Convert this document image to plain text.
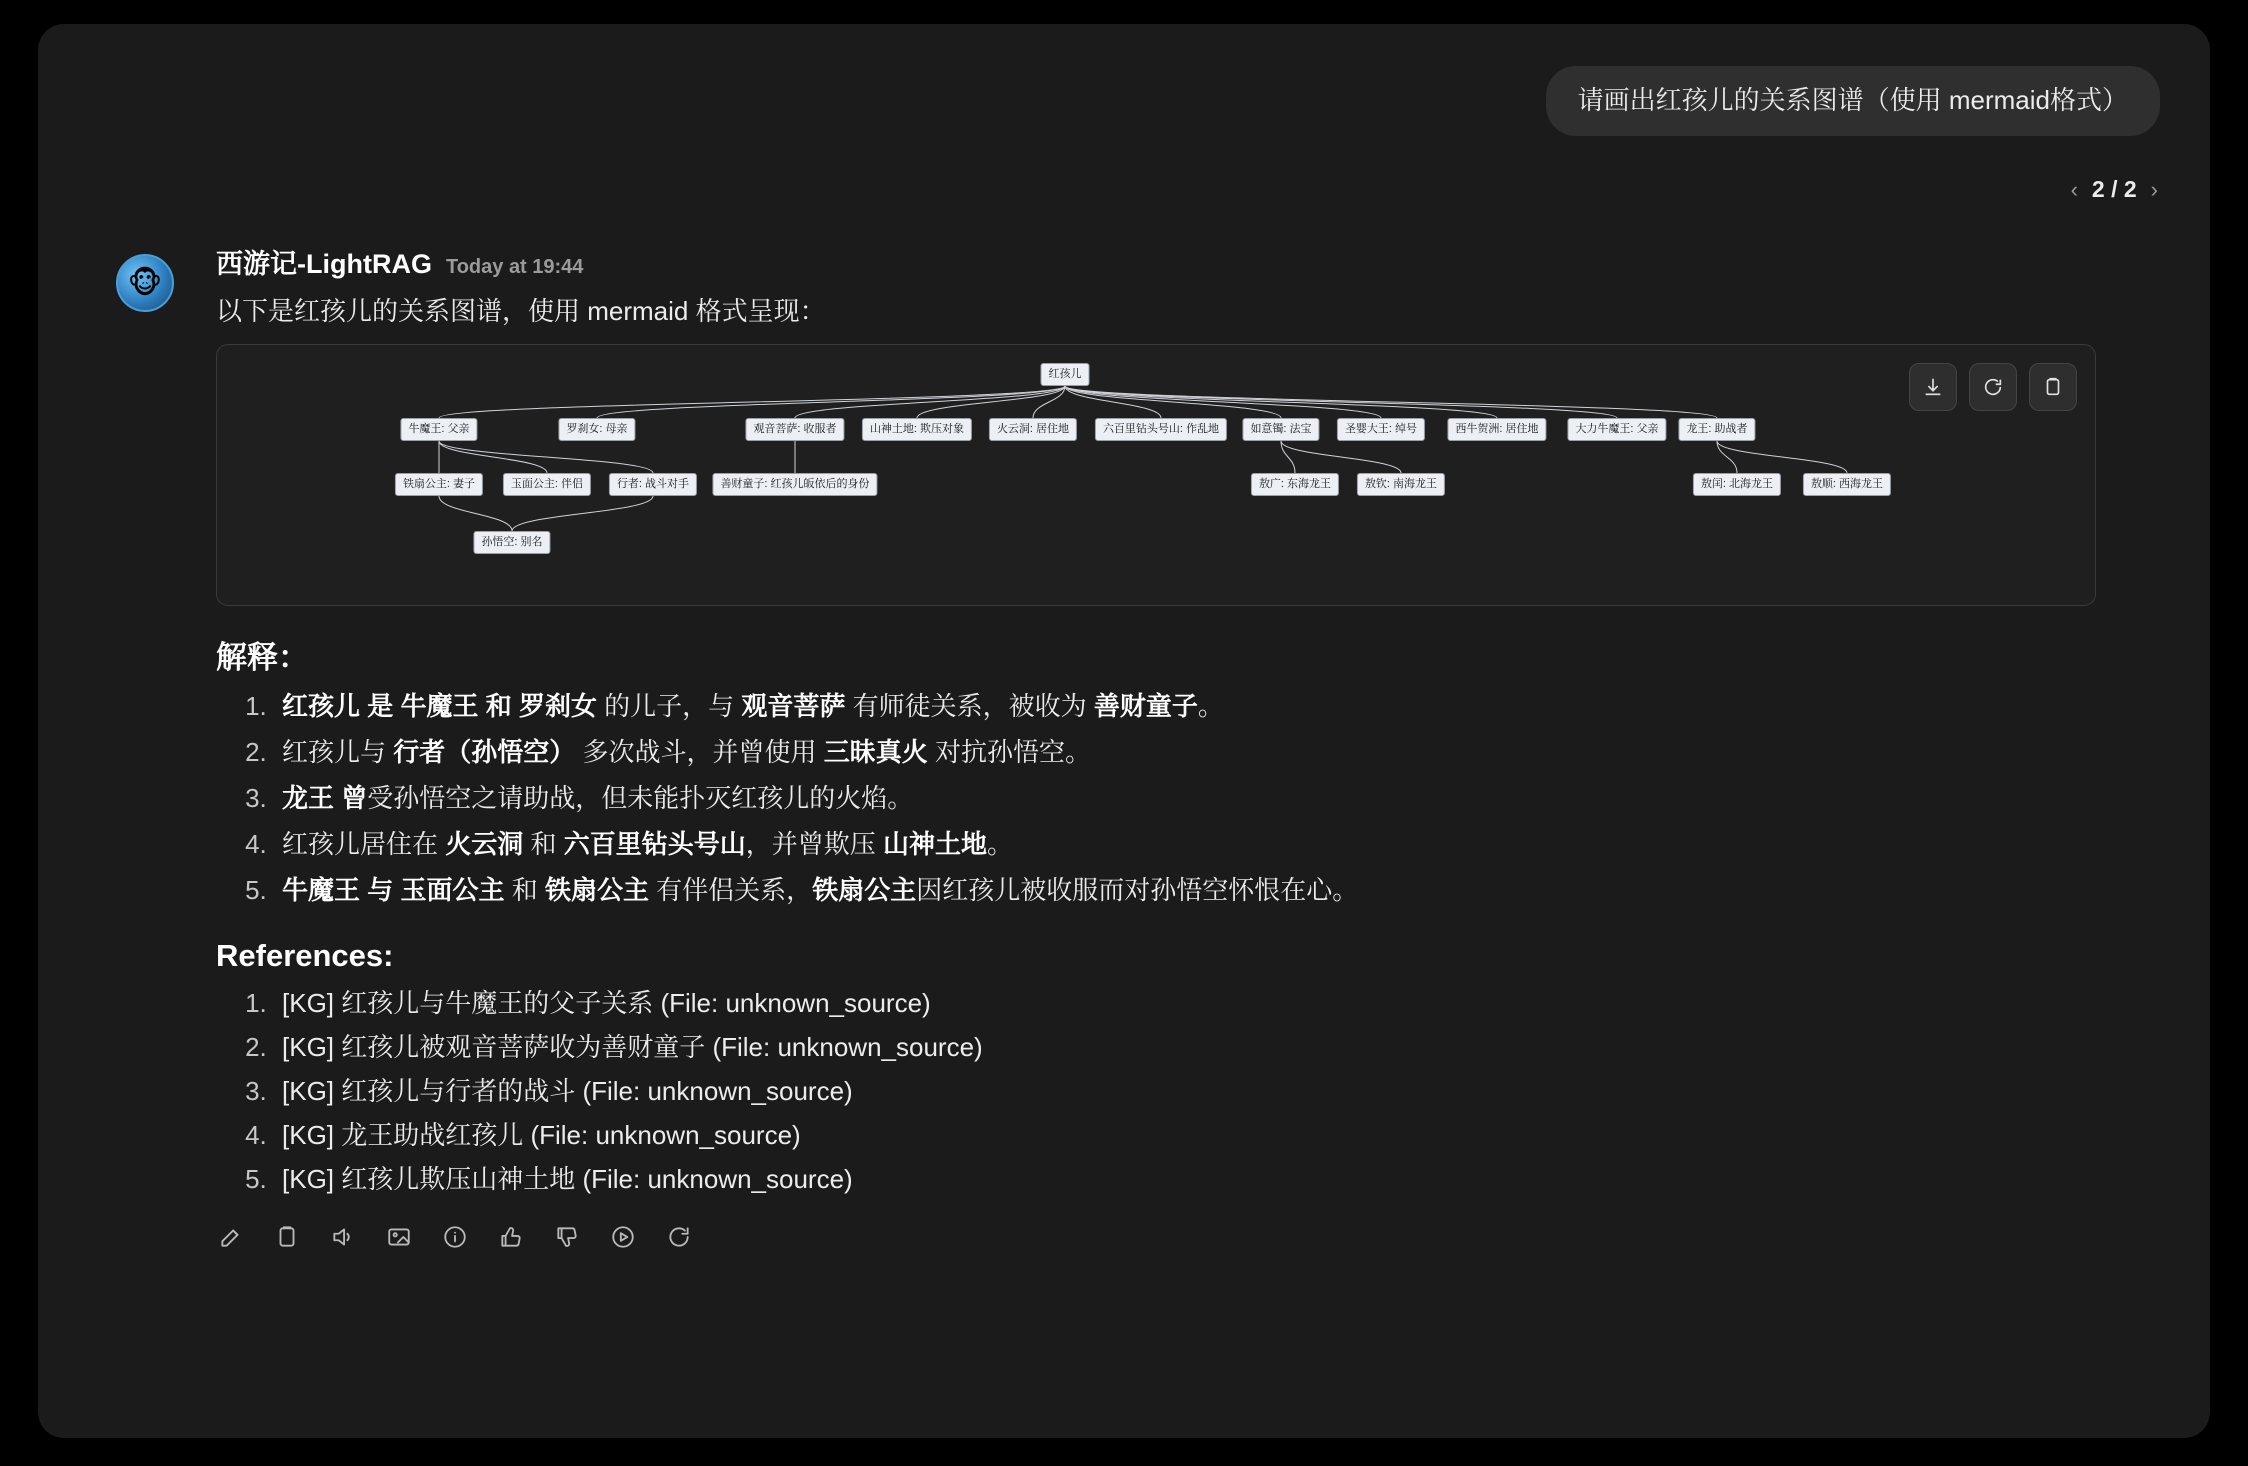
请画出红孩儿的关系图谱（使用 mermaid格式）
‹ 2 / 2 ›
🐵
西游记-LightRAG Today at 19:44
以下是红孩儿的关系图谱，使用 mermaid 格式呈现：
红孩儿
牛魔王: 父亲	罗刹女: 母亲	观音菩萨: 收服者	山神土地: 欺压对象	火云洞: 居住地	六百里钻头号山: 作乱地	如意镯: 法宝	圣婴大王: 绰号	西牛贺洲: 居住地	大力牛魔王: 父亲	龙王: 助战者
铁扇公主: 妻子	玉面公主: 伴侣	行者: 战斗对手	善财童子: 红孩儿皈依后的身份	敖广: 东海龙王	敖钦: 南海龙王	敖闰: 北海龙王	敖顺: 西海龙王
孙悟空: 别名
解释：
1. 红孩儿 是 牛魔王 和 罗刹女 的儿子，与 观音菩萨 有师徒关系，被收为 善财童子。
2. 红孩儿与 行者（孙悟空） 多次战斗，并曾使用 三昧真火 对抗孙悟空。
3. 龙王 曾受孙悟空之请助战，但未能扑灭红孩儿的火焰。
4. 红孩儿居住在 火云洞 和 六百里钻头号山，并曾欺压 山神土地。
5. 牛魔王 与 玉面公主 和 铁扇公主 有伴侣关系，铁扇公主因红孩儿被收服而对孙悟空怀恨在心。
References:
1. [KG] 红孩儿与牛魔王的父子关系 (File: unknown_source)
2. [KG] 红孩儿被观音菩萨收为善财童子 (File: unknown_source)
3. [KG] 红孩儿与行者的战斗 (File: unknown_source)
4. [KG] 龙王助战红孩儿 (File: unknown_source)
5. [KG] 红孩儿欺压山神土地 (File: unknown_source)
